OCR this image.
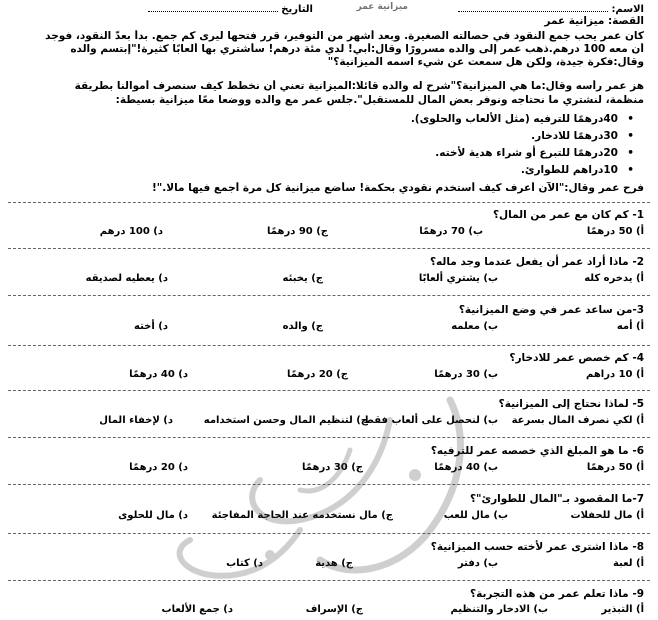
الاسم:
التاريخ	ميزانية عمر
القصة: ميزانية عمر
كان عمر يحب جمع النقود في حصالته الصغيرة. وبعد أشهر من التوفير، قرر فتحها ليرى كم جمع. بدأ بعدّ النقود، فوجد
أن معه 100 درهم.ذهب عمر إلى والده مسرورًا وقال:أبي! لدي مئة درهم! سأشتري بها ألعابًا كثيرة!"إبتسم والده
وقال:فكرة جيدة، ولكن هل سمعت عن شيء اسمه الميزانية؟"
هز عمر رأسه وقال:ما هي الميزانية؟"شرح له والده قائلًا:الميزانية تعني أن نخطط كيف سنصرف أموالنا بطريقة
منظمة، لنشتري ما نحتاجه ونوفر بعض المال للمستقبل".جلس عمر مع والده ووضعا معًا ميزانية بسيطة:
• 40درهمًا للترفيه (مثل الألعاب والحلوى).
• 30درهمًا للادخار.
• 20درهمًا للتبرع أو شراء هدية لأخته.
• 10دراهم للطوارئ.
فرح عمر وقال:"الآن أعرف كيف أستخدم نقودي بحكمة! سأضع ميزانية كل مرة أجمع فيها مالًا."!
1- كم كان مع عمر من المال؟
أ) 50 درهمًا
ب) 70 درهمًا
ج) 90 درهمًا
د) 100 درهم
2- ماذا أراد عمر أن يفعل عندما وجد ماله؟
أ) يدخره كله
ب) يشتري ألعابًا
ج) يخبئه
د) يعطيه لصديقه
3-من ساعد عمر في وضع الميزانية؟
أ) أمه
ب) معلمه
ج) والده
د) أخته
4- كم خصص عمر للادخار؟
أ) 10 دراهم
ب) 30 درهمًا
ج) 20 درهمًا
د) 40 درهمًا
5- لماذا نحتاج إلى الميزانية؟
أ) لكي نصرف المال بسرعة
ب) لنحصل على ألعاب فقط
ج) لتنظيم المال وحسن استخدامه
د) لإخفاء المال
6- ما هو المبلغ الذي خصصه عمر للترفيه؟
أ) 50 درهمًا
ب) 40 درهمًا
ج) 30 درهمًا
د) 20 درهمًا
7-ما المقصود بـ"المال للطوارئ"؟
أ) مال للحفلات
ب) مال للعب
ج) مال نستخدمه عند الحاجة المفاجئة
د) مال للحلوى
8- ماذا اشترى عمر لأخته حسب الميزانية؟
أ) لعبة
ب) دفتر
ج) هدية
د) كتاب
9- ماذا تعلم عمر من هذه التجربة؟
أ) التبذير
ب) الادخار والتنظيم
ج) الإسراف
د) جمع الألعاب
